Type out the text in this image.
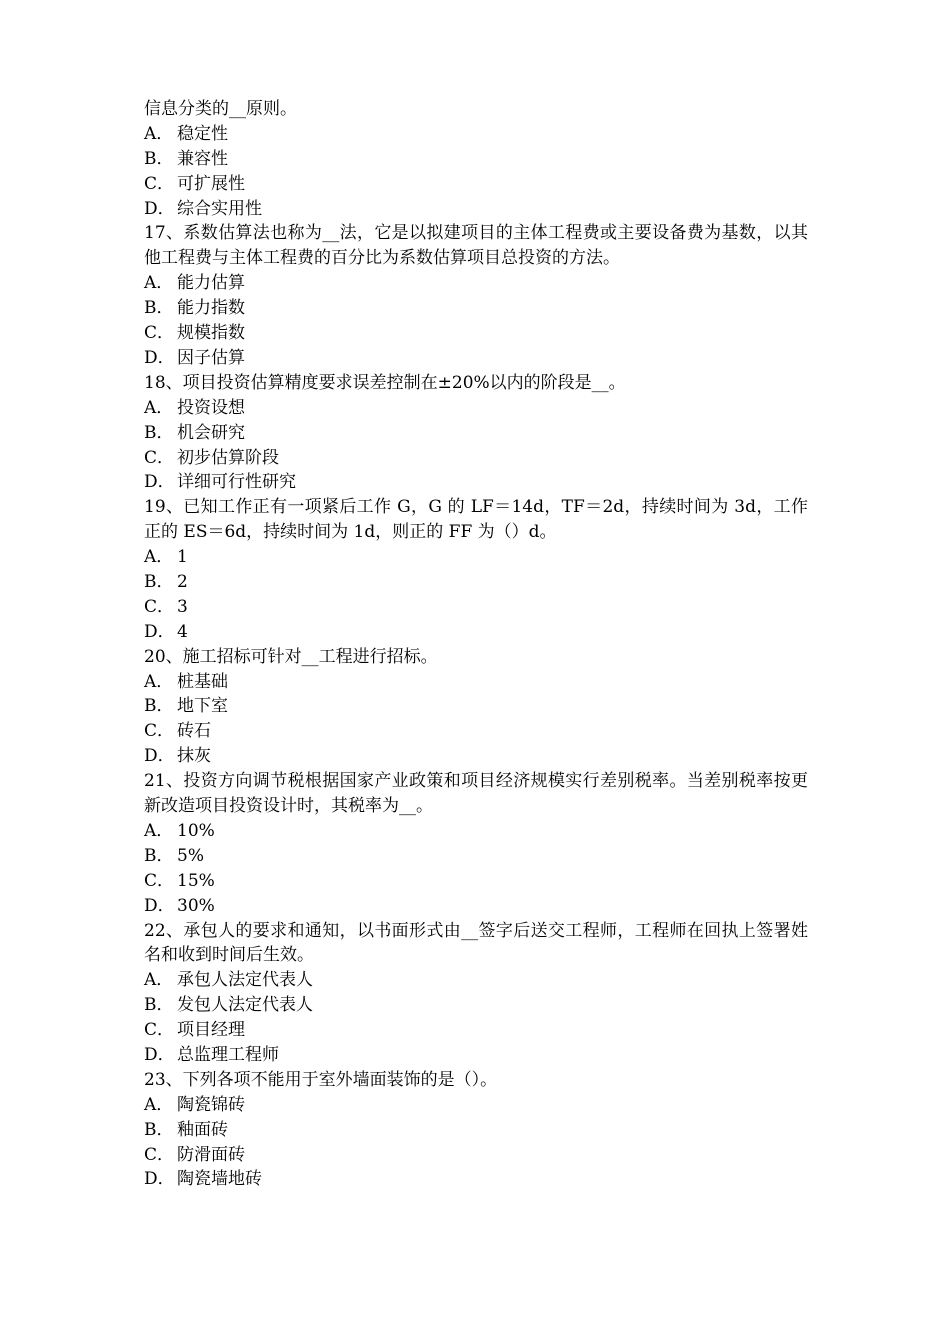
信息分类的__原则。
A． 稳定性
B． 兼容性
C． 可扩展性
D． 综合实用性
17、系数估算法也称为__法，它是以拟建项目的主体工程费或主要设备费为基数，以其他工程费与主体工程费的百分比为系数估算项目总投资的方法。
A． 能力估算
B． 能力指数
C． 规模指数
D． 因子估算
18、项目投资估算精度要求误差控制在±20%以内的阶段是__。
A． 投资设想
B． 机会研究
C． 初步估算阶段
D． 详细可行性研究
19、已知工作正有一项紧后工作 G，G 的 LF＝14d，TF＝2d，持续时间为 3d，工作正的 ES＝6d，持续时间为 1d，则正的 FF 为（）d。
A． 1
B． 2
C． 3
D． 4
20、施工招标可针对__工程进行招标。
A． 桩基础
B． 地下室
C． 砖石
D． 抹灰
21、投资方向调节税根据国家产业政策和项目经济规模实行差别税率。当差别税率按更新改造项目投资设计时，其税率为__。
A． 10%
B． 5%
C． 15%
D． 30%
22、承包人的要求和通知，以书面形式由__签字后送交工程师，工程师在回执上签署姓名和收到时间后生效。
A． 承包人法定代表人
B． 发包人法定代表人
C． 项目经理
D． 总监理工程师
23、下列各项不能用于室外墙面装饰的是（）。
A． 陶瓷锦砖
B． 釉面砖
C． 防滑面砖
D． 陶瓷墙地砖
